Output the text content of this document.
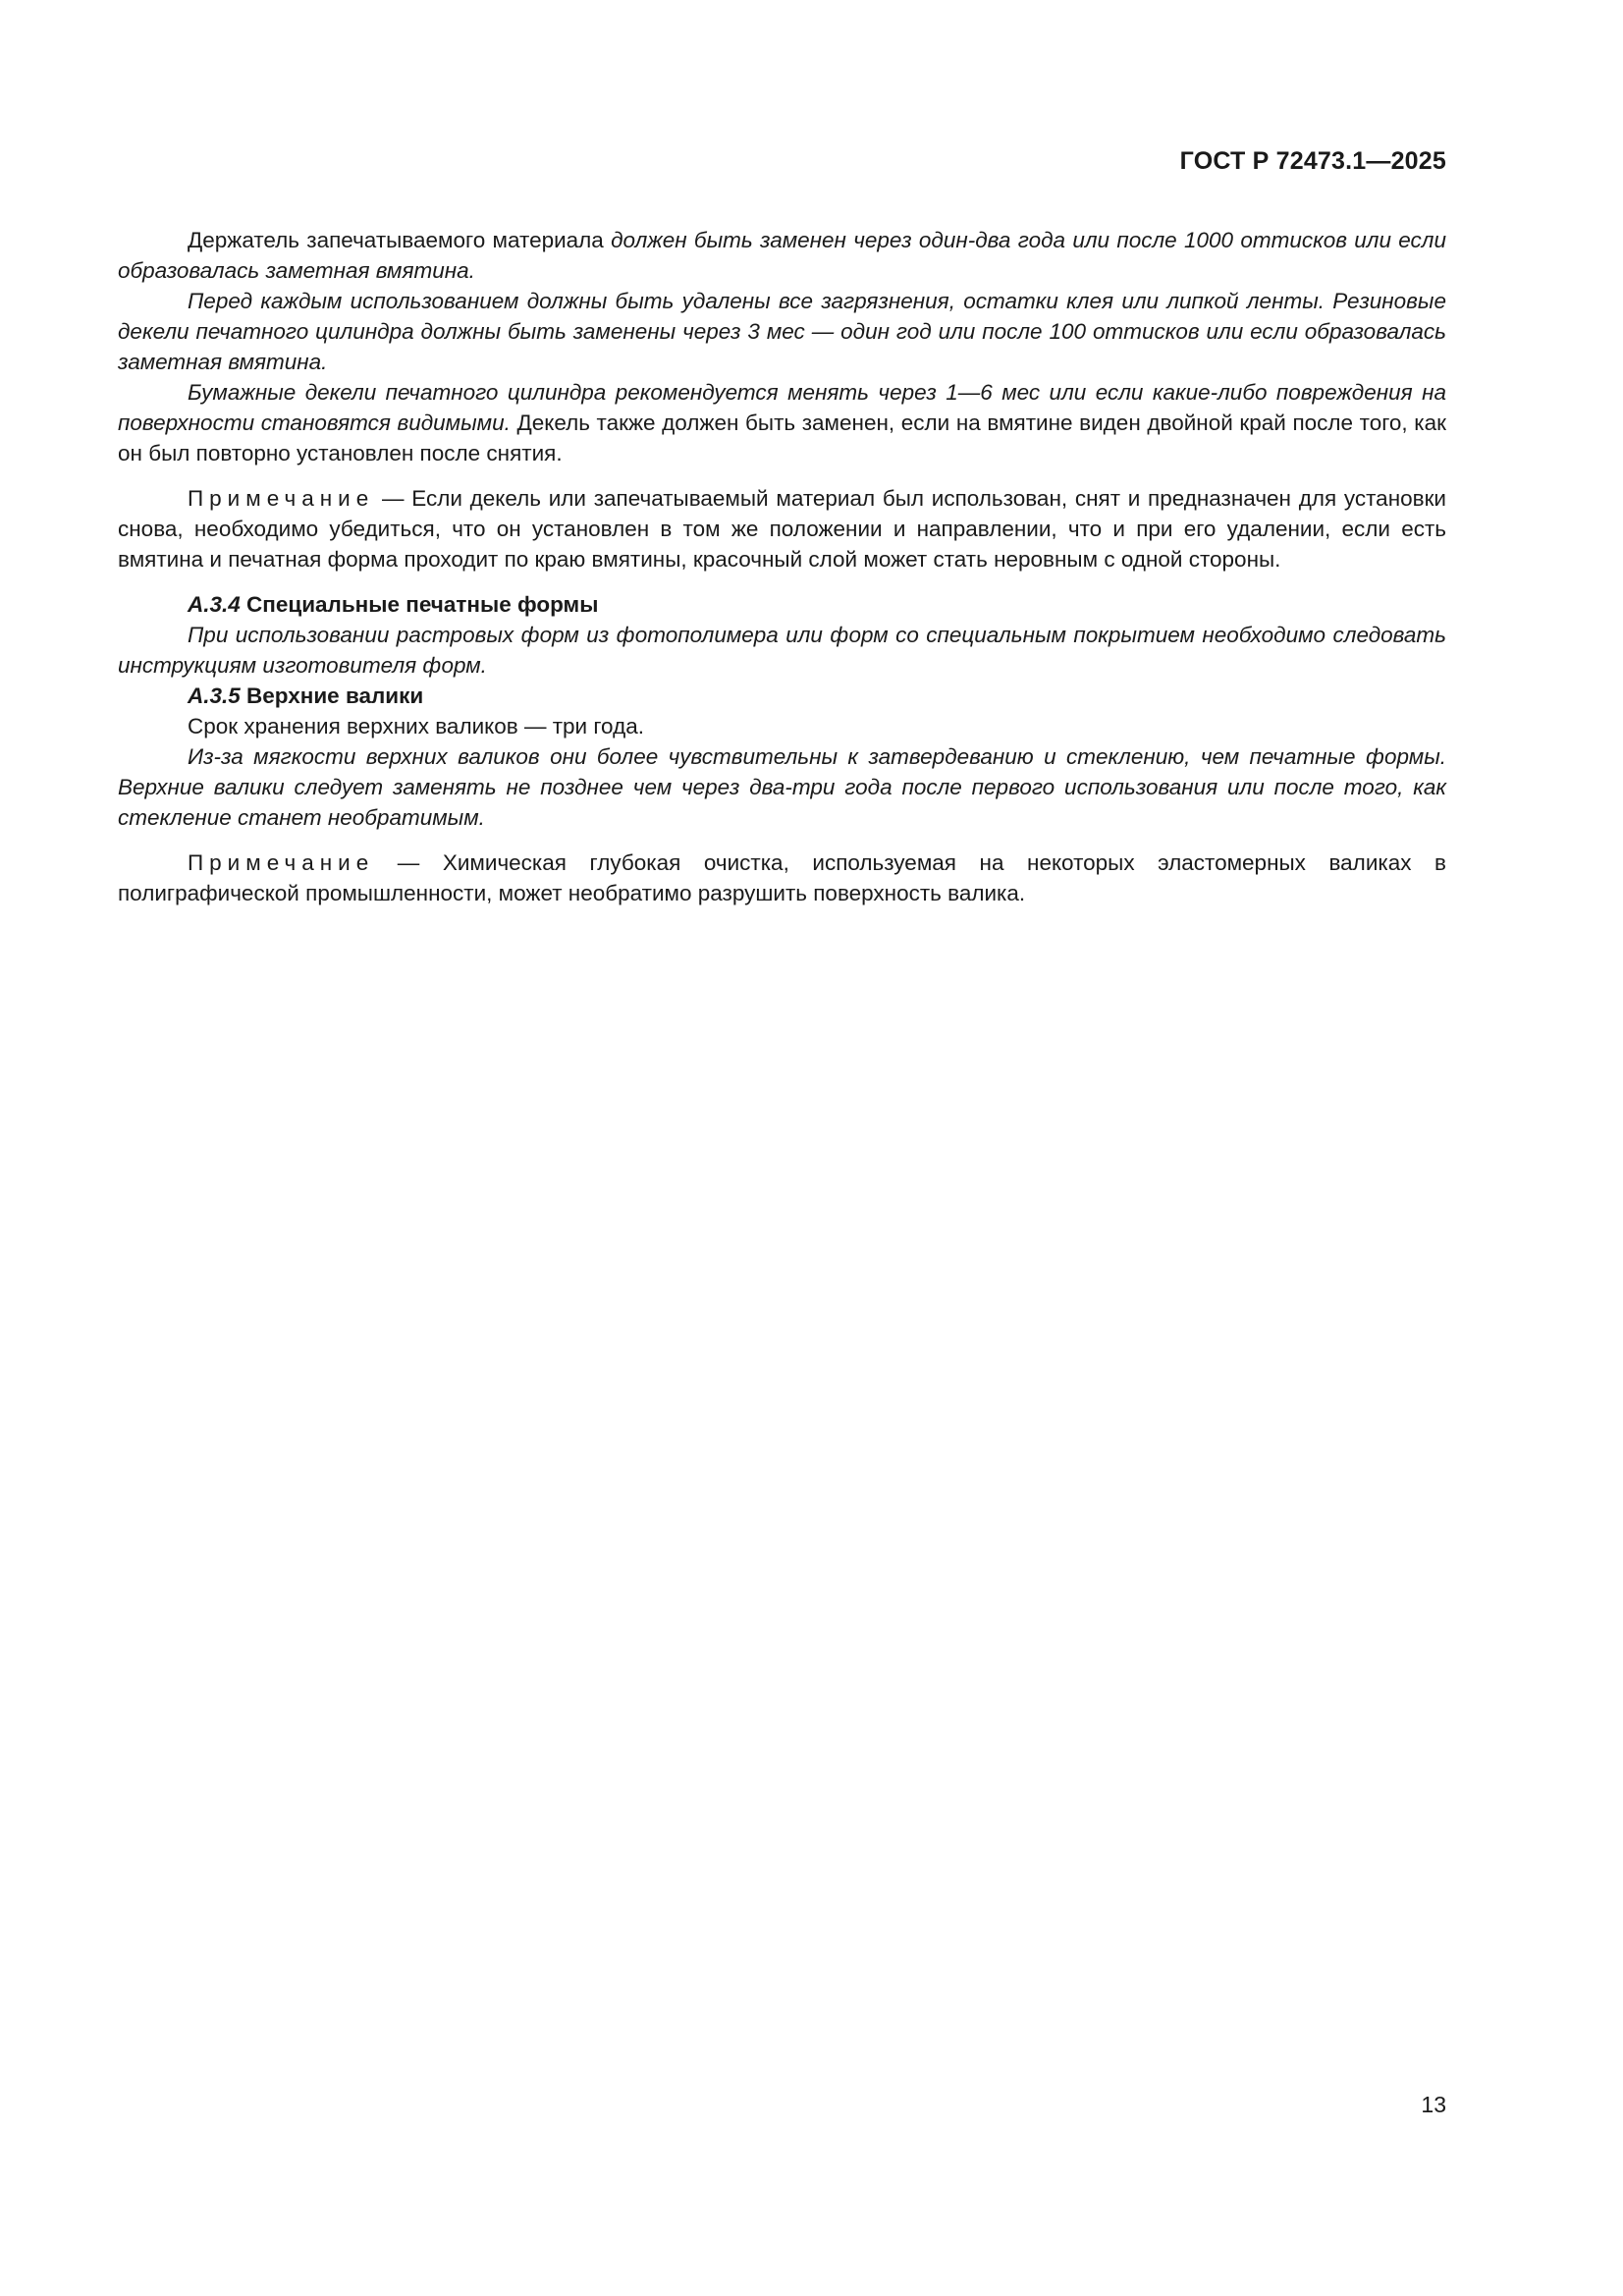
ГОСТ Р 72473.1—2025

Держатель запечатываемого материала должен быть заменен через один-два года или после 1000 оттисков или если образовалась заметная вмятина.

Перед каждым использованием должны быть удалены все загрязнения, остатки клея или липкой ленты. Резиновые декели печатного цилиндра должны быть заменены через 3 мес — один год или после 100 оттисков или если образовалась заметная вмятина.

Бумажные декели печатного цилиндра рекомендуется менять через 1—6 мес или если какие-либо повреждения на поверхности становятся видимыми. Декель также должен быть заменен, если на вмятине виден двойной край после того, как он был повторно установлен после снятия.

Примечание — Если декель или запечатываемый материал был использован, снят и предназначен для установки снова, необходимо убедиться, что он установлен в том же положении и направлении, что и при его удалении, если есть вмятина и печатная форма проходит по краю вмятины, красочный слой может стать неровным с одной стороны.

А.3.4 Специальные печатные формы

При использовании растровых форм из фотополимера или форм со специальным покрытием необходимо следовать инструкциям изготовителя форм.

А.3.5 Верхние валики

Срок хранения верхних валиков — три года.

Из-за мягкости верхних валиков они более чувствительны к затвердеванию и стеклению, чем печатные формы. Верхние валики следует заменять не позднее чем через два-три года после первого использования или после того, как стекление станет необратимым.

Примечание — Химическая глубокая очистка, используемая на некоторых эластомерных валиках в полиграфической промышленности, может необратимо разрушить поверхность валика.

13
